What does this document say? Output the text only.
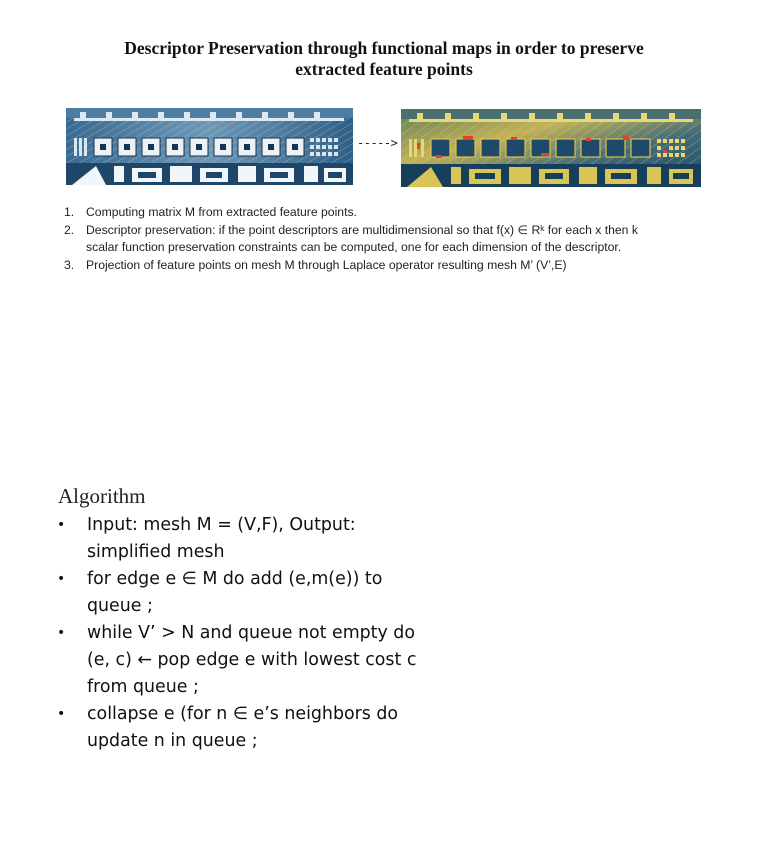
Descriptor Preservation through functional maps in order to preserve extracted feature points
----->
1. Computing matrix M from extracted feature points.
2. Descriptor preservation: if the point descriptors are multidimensional so that f(x) ∈ Rᵏ for each x then k scalar function preservation constraints can be computed, one for each dimension of the descriptor.
3. Projection of feature points on mesh M through Laplace operator resulting mesh M’ (V’,E)
Algorithm
• Input: mesh M = (V,F), Output: simplified mesh
• for edge e ∈ M do add (e,m(e)) to queue ;
• while V’ > N and queue not empty do (e, c) ← pop edge e with lowest cost c from queue ;
• collapse e (for n ∈ e’s neighbors do update n in queue ;
